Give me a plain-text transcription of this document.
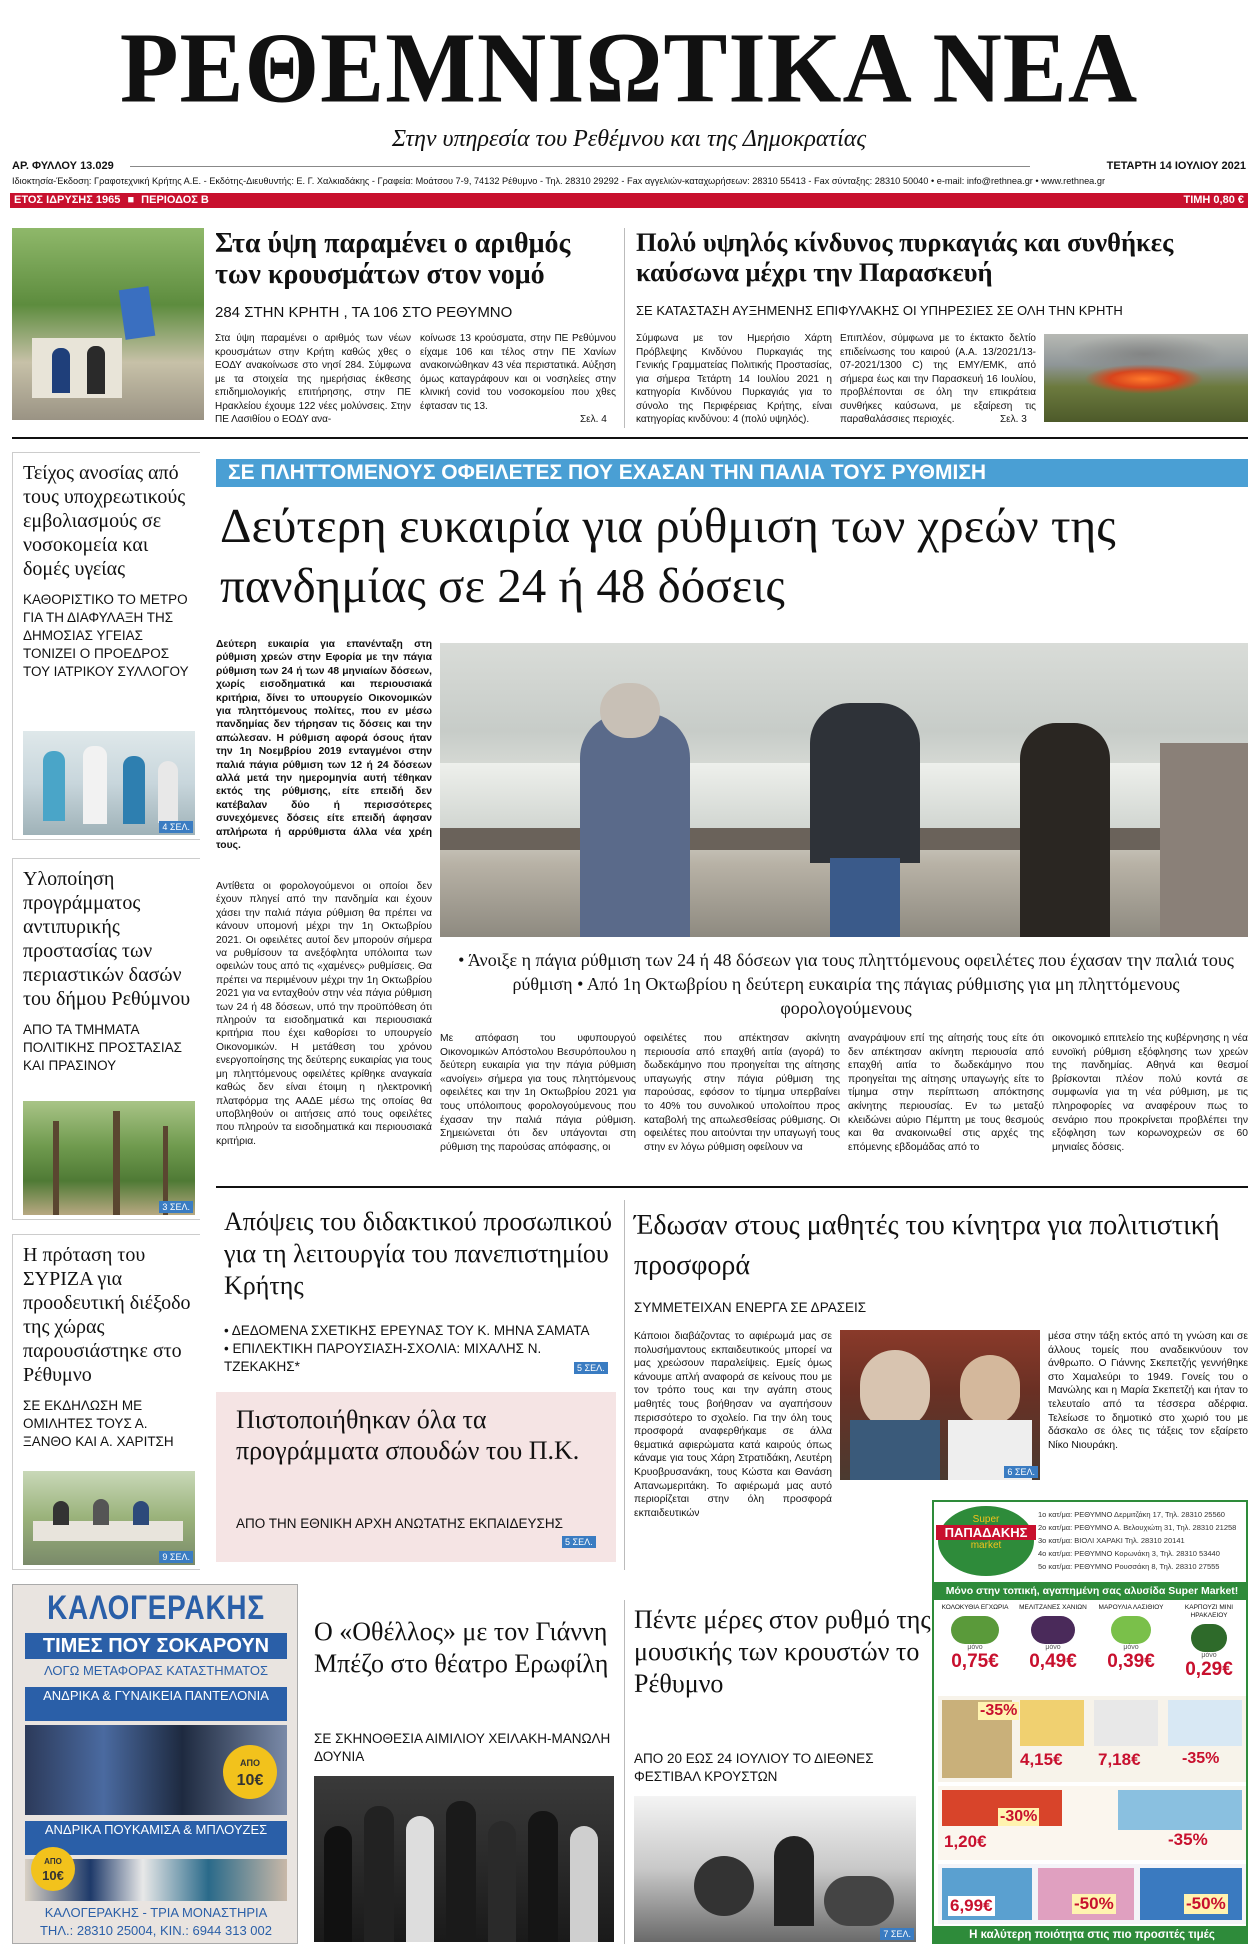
ΡΕΘΕΜΝΙΩΤΙΚΑ ΝΕΑ
Στην υπηρεσία του Ρεθέμνου και της Δημοκρατίας
ΑΡ. ΦΥΛΛΟΥ 13.029	ΤΕΤΑΡΤΗ 14 ΙΟΥΛΙΟΥ 2021
Ιδιοκτησία-Έκδοση: Γραφοτεχνική Κρήτης Α.Ε. - Εκδότης-Διευθυντής: Ε. Γ. Χαλκιαδάκης - Γραφεία: Μοάτσου 7-9, 74132 Ρέθυμνο - Τηλ. 28310 29292 - Fax αγγελιών-καταχωρήσεων: 28310 55413 - Fax σύνταξης: 28310 50040 • e-mail: info@rethnea.gr • www.rethnea.gr
ΕΤΟΣ ΙΔΡΥΣΗΣ 1965 ■ ΠΕΡΙΟΔΟΣ Β	ΤΙΜΗ 0,80 €
Στα ύψη παραμένει ο αριθμός των κρουσμάτων στον νομό
284 ΣΤΗΝ ΚΡΗΤΗ , ΤΑ 106 ΣΤΟ ΡΕΘΥΜΝΟ
Στα ύψη παραμένει ο αριθμός των νέων κρουσμάτων στην Κρήτη καθώς χθες ο ΕΟΔΥ ανακοίνωσε στο νησί 284. Σύμφωνα με τα στοιχεία της ημερήσιας έκθεσης επιδημιολογικής επιτήρησης, στην ΠΕ Ηρακλείου έχουμε 122 νέες μολύνσεις. Στην ΠΕ Λασιθίου ο ΕΟΔΥ ανα-
κοίνωσε 13 κρούσματα, στην ΠΕ Ρεθύμνου είχαμε 106 και τέλος στην ΠΕ Χανίων ανακοινώθηκαν 43 νέα περιστατικά. Αύξηση όμως καταγράφουν και οι νοσηλείες στην κλινική covid του νοσοκομείου που χθες έφτασαν τις 13.
Σελ. 4
Πολύ υψηλός κίνδυνος πυρκαγιάς και συνθήκες καύσωνα μέχρι την Παρασκευή
ΣΕ ΚΑΤΑΣΤΑΣΗ ΑΥΞΗΜΕΝΗΣ ΕΠΙΦΥΛΑΚΗΣ ΟΙ ΥΠΗΡΕΣΙΕΣ ΣΕ ΟΛΗ ΤΗΝ ΚΡΗΤΗ
Σύμφωνα με τον Ημερήσιο Χάρτη Πρόβλεψης Κινδύνου Πυρκαγιάς της Γενικής Γραμματείας Πολιτικής Προστασίας, για σήμερα Τετάρτη 14 Ιουλίου 2021 η κατηγορία Κινδύνου Πυρκαγιάς για το σύνολο της Περιφέρειας Κρήτης, είναι κατηγορίας κινδύνου: 4 (πολύ υψηλός).
Επιπλέον, σύμφωνα με το έκτακτο δελτίο επιδείνωσης του καιρού (Α.Α. 13/2021/13-07-2021/1300 C) της ΕΜΥ/ΕΜΚ, από σήμερα έως και την Παρασκευή 16 Ιουλίου, προβλέπονται σε όλη την επικράτεια συνθήκες καύσωνα, με εξαίρεση τις παραθαλάσσιες περιοχές.	Σελ. 3
Τείχος ανοσίας από τους υποχρεωτικούς εμβολιασμούς σε νοσοκομεία και δομές υγείας
ΚΑΘΟΡΙΣΤΙΚΟ ΤΟ ΜΕΤΡΟ ΓΙΑ ΤΗ ΔΙΑΦΥΛΑΞΗ ΤΗΣ ΔΗΜΟΣΙΑΣ ΥΓΕΙΑΣ ΤΟΝΙΖΕΙ Ο ΠΡΟΕΔΡΟΣ ΤΟΥ ΙΑΤΡΙΚΟΥ ΣΥΛΛΟΓΟΥ
4 ΣΕΛ.
Υλοποίηση προγράμματος αντιπυρικής προστασίας των περιαστικών δασών του δήμου Ρεθύμνου
ΑΠΟ ΤΑ ΤΜΗΜΑΤΑ ΠΟΛΙΤΙΚΗΣ ΠΡΟΣΤΑΣΙΑΣ ΚΑΙ ΠΡΑΣΙΝΟΥ
3 ΣΕΛ.
Η πρόταση του ΣΥΡΙΖΑ για προοδευτική διέξοδο της χώρας παρουσιάστηκε στο Ρέθυμνο
ΣΕ ΕΚΔΗΛΩΣΗ ΜΕ ΟΜΙΛΗΤΕΣ ΤΟΥΣ Α. ΞΑΝΘΟ ΚΑΙ Α. ΧΑΡΙΤΣΗ
9 ΣΕΛ.
ΣΕ ΠΛΗΤΤΟΜΕΝΟΥΣ ΟΦΕΙΛΕΤΕΣ ΠΟΥ ΕΧΑΣΑΝ ΤΗΝ ΠΑΛΙΑ ΤΟΥΣ ΡΥΘΜΙΣΗ
Δεύτερη ευκαιρία για ρύθμιση των χρεών της πανδημίας σε 24 ή 48 δόσεις
Δεύτερη ευκαιρία για επανένταξη στη ρύθμιση χρεών στην Εφορία με την πάγια ρύθμιση των 24 ή των 48 μηνιαίων δόσεων, χωρίς εισοδηματικά και περιουσιακά κριτήρια, δίνει το υπουργείο Οικονομικών για πληττόμενους πολίτες, που εν μέσω πανδημίας δεν τήρησαν τις δόσεις και την απώλεσαν. Η ρύθμιση αφορά όσους ήταν την 1η Νοεμβρίου 2019 ενταγμένοι στην παλιά πάγια ρύθμιση των 12 ή 24 δόσεων αλλά μετά την ημερομηνία αυτή τέθηκαν εκτός της ρύθμισης, είτε επειδή δεν κατέβαλαν δύο ή περισσότερες συνεχόμενες δόσεις είτε επειδή άφησαν απλήρωτα ή αρρύθμιστα άλλα νέα χρέη τους.
Αντίθετα οι φορολογούμενοι οι οποίοι δεν έχουν πληγεί από την πανδημία και έχουν χάσει την παλιά πάγια ρύθμιση θα πρέπει να κάνουν υπομονή μέχρι την 1η Οκτωβρίου 2021. Οι οφειλέτες αυτοί δεν μπορούν σήμερα να ρυθμίσουν τα ανεξόφλητα υπόλοιπα των οφειλών τους από τις «χαμένες» ρυθμίσεις. Θα πρέπει να περιμένουν μέχρι την 1η Οκτωβρίου 2021 για να ενταχθούν στην νέα πάγια ρύθμιση των 24 ή 48 δόσεων, υπό την προϋπόθεση ότι πληρούν τα εισοδηματικά και περιουσιακά κριτήρια που έχει καθορίσει το υπουργείο Οικονομικών. Η μετάθεση του χρόνου ενεργοποίησης της δεύτερης ευκαιρίας για τους μη πληττόμενους οφειλέτες κρίθηκε αναγκαία καθώς δεν είναι έτοιμη η ηλεκτρονική πλατφόρμα της ΑΑΔΕ μέσω της οποίας θα υποβληθούν οι αιτήσεις από τους οφειλέτες που πληρούν τα εισοδηματικά και περιουσιακά κριτήρια.
• Άνοιξε η πάγια ρύθμιση των 24 ή 48 δόσεων για τους πληττόμενους οφειλέτες που έχασαν την παλιά τους ρύθμιση • Από 1η Οκτωβρίου η δεύτερη ευκαιρία της πάγιας ρύθμισης για μη πληττόμενους φορολογούμενους
Με απόφαση του υφυπουργού Οικονομικών Απόστολου Βεσυρόπουλου η δεύτερη ευκαιρία για την πάγια ρύθμιση «ανοίγει» σήμερα για τους πληττόμενους οφειλέτες και την 1η Οκτωβρίου 2021 για τους υπόλοιπους φορολογούμενους που έχασαν την παλιά πάγια ρύθμιση. Σημειώνεται ότι δεν υπάγονται στη ρύθμιση της παρούσας απόφασης, οι
οφειλέτες που απέκτησαν ακίνητη περιουσία από επαχθή αιτία (αγορά) το δωδεκάμηνο που προηγείται της αίτησης υπαγωγής στην πάγια ρύθμιση της παρούσας, εφόσον το τίμημα υπερβαίνει το 40% του συνολικού υπολοίπου προς καταβολή της απωλεσθείσας ρύθμισης. Οι οφειλέτες που αιτούνται την υπαγωγή τους στην εν λόγω ρύθμιση οφείλουν να
αναγράψουν επί της αίτησής τους είτε ότι δεν απέκτησαν ακίνητη περιουσία από επαχθή αιτία το δωδεκάμηνο που προηγείται της αίτησης υπαγωγής είτε το τίμημα στην περίπτωση απόκτησης ακίνητης περιουσίας. Εν τω μεταξύ κλειδώνει αύριο Πέμπτη με τους θεσμούς και θα ανακοινωθεί στις αρχές της επόμενης εβδομάδας από το
οικονομικό επιτελείο της κυβέρνησης η νέα ευνοϊκή ρύθμιση εξόφλησης των χρεών της πανδημίας. Αθηνά και θεσμοί βρίσκονται πλέον πολύ κοντά σε συμφωνία για τη νέα ρύθμιση, με τις πληροφορίες να αναφέρουν πως το σενάριο που προκρίνεται προβλέπει την εξόφληση των κορωνοχρεών σε 60 μηνιαίες δόσεις.
Απόψεις του διδακτικού προσωπικού για τη λειτουργία του πανεπιστημίου Κρήτης
• ΔΕΔΟΜΕΝΑ ΣΧΕΤΙΚΗΣ ΕΡΕΥΝΑΣ ΤΟΥ Κ. ΜΗΝΑ ΣΑΜΑΤΑ
• ΕΠΙΛΕΚΤΙΚΗ ΠΑΡΟΥΣΙΑΣΗ-ΣΧΟΛΙΑ: ΜΙΧΑΛΗΣ Ν. ΤΖΕΚΑΚΗΣ*	5 ΣΕΛ.
Πιστοποιήθηκαν όλα τα προγράμματα σπουδών του Π.Κ.
ΑΠΟ ΤΗΝ ΕΘΝΙΚΗ ΑΡΧΗ ΑΝΩΤΑΤΗΣ ΕΚΠΑΙΔΕΥΣΗΣ
5 ΣΕΛ.
Έδωσαν στους μαθητές του κίνητρα για πολιτιστική προσφορά
ΣΥΜΜΕΤΕΙΧΑΝ ΕΝΕΡΓΑ ΣΕ ΔΡΑΣΕΙΣ
Κάποιοι διαβάζοντας το αφιέρωμά μας σε πολυσήμαντους εκπαιδευτικούς μπορεί να μας χρεώσουν παραλείψεις. Εμείς όμως κάνουμε απλή αναφορά σε κείνους που με τον τρόπο τους και την αγάπη στους μαθητές τους βοήθησαν να αγαπήσουν περισσότερο το σχολείο. Για την όλη τους προσφορά αναφερθήκαμε σε άλλα θεματικά αφιερώματα κατά καιρούς όπως κάναμε για τους Χάρη Στρατιδάκη, Λευτέρη Κρυοβρυσανάκη, τους Κώστα και Θανάση Απανωμεριτάκη. Το αφιέρωμά μας αυτό περιορίζεται στην όλη προσφορά εκπαιδευτικών
6 ΣΕΛ.
μέσα στην τάξη εκτός από τη γνώση και σε άλλους τομείς που αναδεικνύουν τον άνθρωπο. Ο Γιάννης Σκεπετζής γεννήθηκε στο Χαμαλεύρι το 1949. Γονείς του ο Μανώλης και η Μαρία Σκεπετζή και ήταν το τελευταίο από τα τέσσερα αδέρφια. Τελείωσε το δημοτικό στο χωριό του με δάσκαλο σε όλες τις τάξεις τον εξαίρετο Νίκο Νιουράκη.
ΚΑΛΟΓΕΡΑΚΗΣ
ΤΙΜΕΣ ΠΟΥ ΣΟΚΑΡΟΥΝ
ΛΟΓΩ ΜΕΤΑΦΟΡΑΣ ΚΑΤΑΣΤΗΜΑΤΟΣ
ΑΝΔΡΙΚΑ & ΓΥΝΑΙΚΕΙΑ ΠΑΝΤΕΛΟΝΙΑ
ΑΠΟ
10€
ΑΝΔΡΙΚΑ ΠΟΥΚΑΜΙΣΑ & ΜΠΛΟΥΖΕΣ
ΑΠΟ
10€
ΚΑΛΟΓΕΡΑΚΗΣ - ΤΡΙΑ ΜΟΝΑΣΤΗΡΙΑ
ΤΗΛ.: 28310 25004, ΚΙΝ.: 6944 313 002
Ο «Οθέλλος» με τον Γιάννη Μπέζο στο θέατρο Ερωφίλη
ΣΕ ΣΚΗΝΟΘΕΣΙΑ ΑΙΜΙΛΙΟΥ ΧΕΙΛΑΚΗ-ΜΑΝΩΛΗ ΔΟΥΝΙΑ
Πέντε μέρες στον ρυθμό της μουσικής των κρουστών το Ρέθυμνο
ΑΠΟ 20 ΕΩΣ 24 ΙΟΥΛΙΟΥ ΤΟ ΔΙΕΘΝΕΣ ΦΕΣΤΙΒΑΛ ΚΡΟΥΣΤΩΝ
7 ΣΕΛ.
Super
ΠΑΠΑΔΑΚΗΣ
market
1ο κατ/μα: ΡΕΘΥΜΝΟ Δερμιτζάκη 17, Τηλ. 28310 25560
2ο κατ/μα: ΡΕΘΥΜΝΟ Α. Βελουχιώτη 31, Τηλ. 28310 21258
3ο κατ/μα: ΒΙΟΛΙ ΧΑΡΑΚΙ Τηλ. 28310 20141
4ο κατ/μα: ΡΕΘΥΜΝΟ Κορωνάκη 3, Τηλ. 28310 53440
5ο κατ/μα: ΡΕΘΥΜΝΟ Ρουσσάκη 8, Τηλ. 28310 27555
Μόνο στην τοπική, αγαπημένη σας αλυσίδα Super Market!
ΚΟΛΟΚΥΘΙΑ ΕΓΧΩΡΙΑ
μόνο
0,75€
ΜΕΛΙΤΖΑΝΕΣ ΧΑΝΙΩΝ
μόνο
0,49€
ΜΑΡΟΥΛΙΑ ΛΑΣΙΘΙΟΥ
μόνο
0,39€
ΚΑΡΠΟΥΖΙ ΜΙΝΙ ΗΡΑΚΛΕΙΟΥ
μόνο
0,29€
-35%
4,15€ 7,18€	-35%
-30%
1,20€	-35%
6,99€	-50%	-50%
Η καλύτερη ποιότητα στις πιο προσιτές τιμές
